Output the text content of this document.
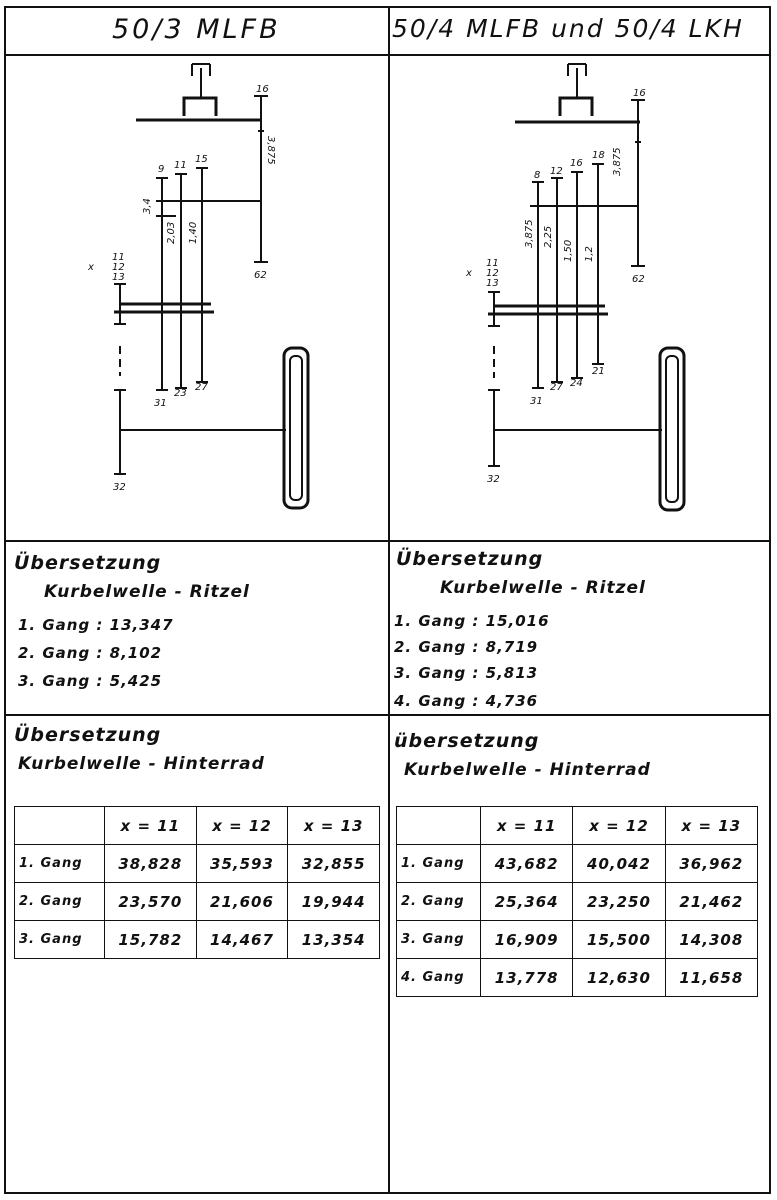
50/3 MLFB	50/4 MLFB und 50/4 LKH
16
3,875
62
9 11
15
3,4
2,03 1,40
x
11
12
13
31
23
27
32
16
3,875
62
8 12
16
18
3,875 2,25
1,50 1,2
x
11
12
13
31
27 24
21
32
Übersetzung
Kurbelwelle - Ritzel
1. Gang : 13,347
2. Gang : 8,102
3. Gang : 5,425
Übersetzung
Kurbelwelle - Ritzel
1. Gang : 15,016
2. Gang : 8,719
3. Gang : 5,813
4. Gang : 4,736
Übersetzung
Kurbelwelle - Hinterrad
übersetzung
Kurbelwelle - Hinterrad
	x = 11	x = 12	x = 13
1. Gang	38,828	35,593	32,855
2. Gang	23,570	21,606	19,944
3. Gang	15,782	14,467	13,354
	x = 11	x = 12	x = 13
1. Gang	43,682	40,042	36,962
2. Gang	25,364	23,250	21,462
3. Gang	16,909	15,500	14,308
4. Gang	13,778	12,630	11,658
